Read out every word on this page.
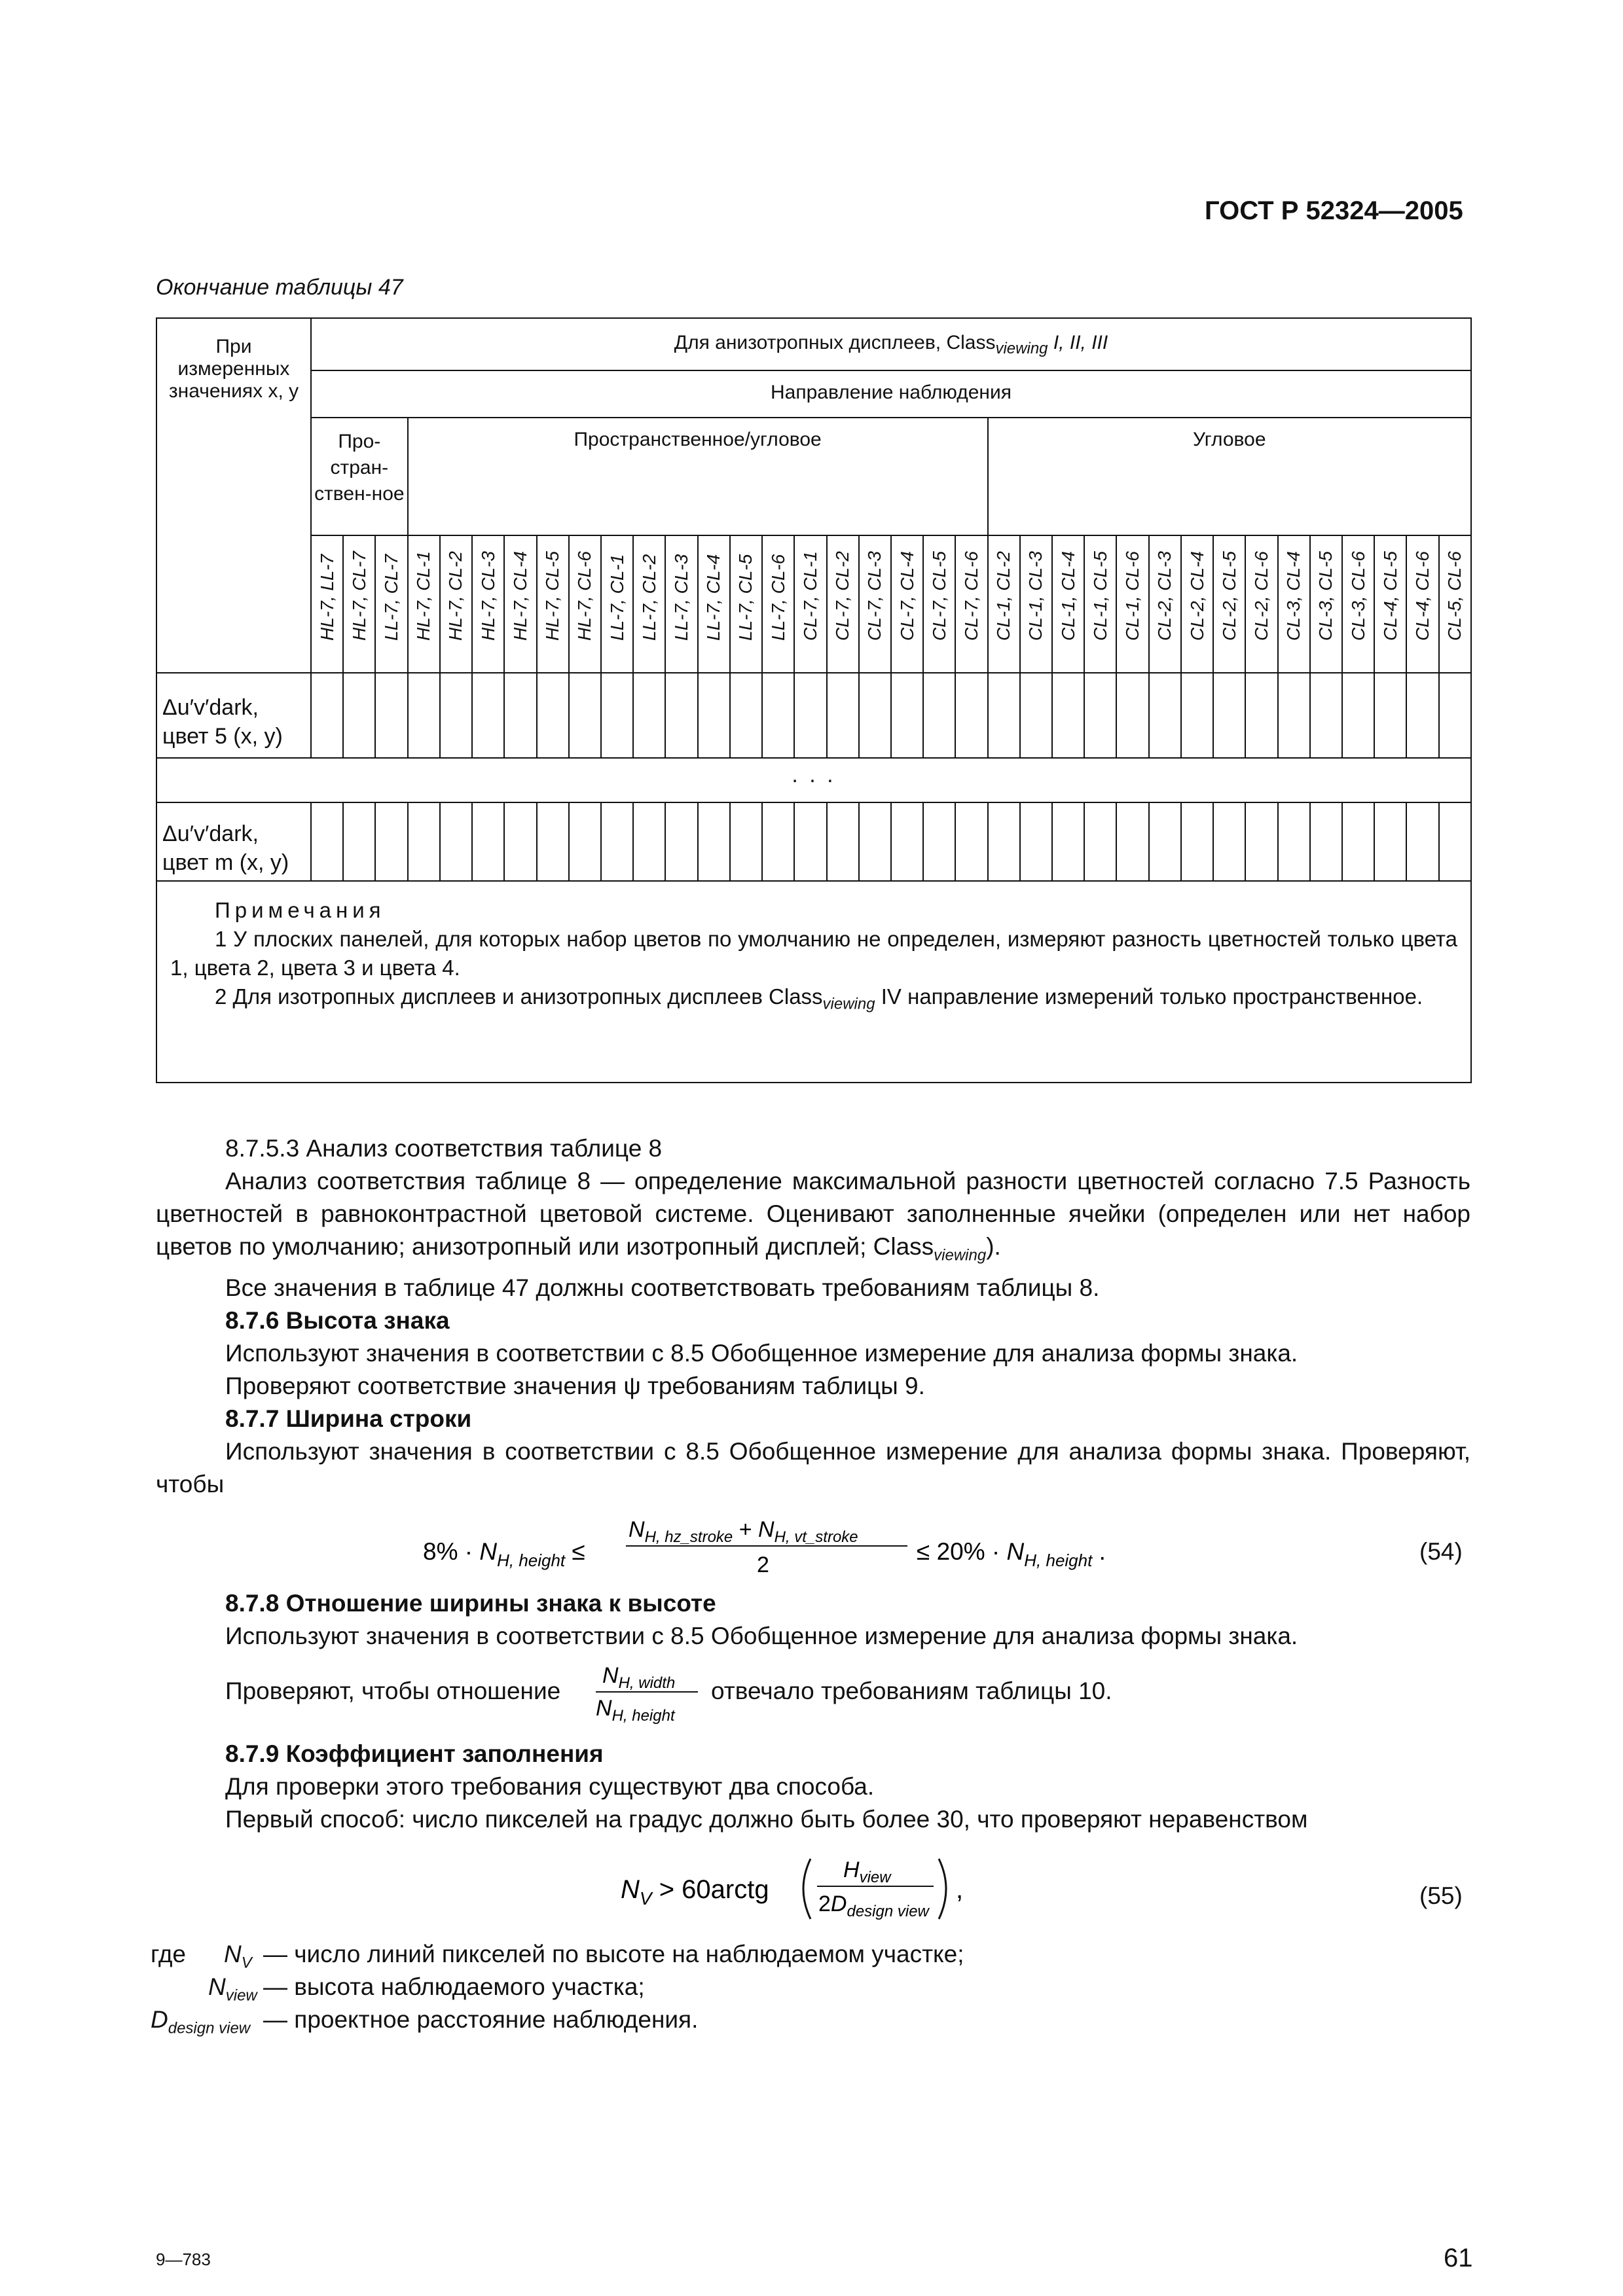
ГОСТ Р 52324—2005
Окончание таблицы 47
При измеренных значениях x, y	Для анизотропных дисплеев, Class$_{viewing}$ I, II, III																																			
	Направление наблюдения																																			
	Про-стран-ствен-ное			Пространственное/угловое																		Угловое														

	HL-7, LL-7	HL-7, CL-7	LL-7, CL-7	HL-7, CL-1	HL-7, CL-2	HL-7, CL-3	HL-7, CL-4	HL-7, CL-5	HL-7, CL-6	LL-7, CL-1	LL-7, CL-2	LL-7, CL-3	LL-7, CL-4	LL-7, CL-5	LL-7, CL-6	CL-7, CL-1	CL-7, CL-2	CL-7, CL-3	CL-7, CL-4	CL-7, CL-5	CL-7, CL-6	CL-1, CL-2	CL-1, CL-3	CL-1, CL-4	CL-1, CL-5	CL-1, CL-6	CL-2, CL-3	CL-2, CL-4	CL-2, CL-5	CL-2, CL-6	CL-3, CL-4	CL-3, CL-5	CL-3, CL-6	CL-4, CL-5	CL-4, CL-6	CL-5, CL-6

Δu′v′dark,
цвет 5 (x, y)																																				
. . .																																				
Δu′v′dark,
цвет m (x, y)																																				

Примечания
1 У плоских панелей, для которых набор цветов по умолчанию не определен, измеряют разность цветностей только цвета 1, цвета 2, цвета 3 и цвета 4.
2 Для изотропных дисплеев и анизотропных дисплеев Class$_{viewing}$ IV направление измерений только пространственное.																																				

8.7.5.3 Анализ соответствия таблице 8

Анализ соответствия таблице 8 — определение максимальной разности цветностей согласно 7.5 Разность цветностей в равноконтрастной цветовой системе. Оценивают заполненные ячейки (определен или нет набор цветов по умолчанию; анизотропный или изотропный дисплей; Class$_{viewing}$).

Все значения в таблице 47 должны соответствовать требованиям таблицы 8.

8.7.6 Высота знака

Используют значения в соответствии с 8.5 Обобщенное измерение для анализа формы знака.

Проверяют соответствие значения ψ требованиям таблицы 9.

8.7.7 Ширина строки

Используют значения в соответствии с 8.5 Обобщенное измерение для анализа формы знака. Проверяют, чтобы

$8\% \cdot N_{H, height}$ ≤
$N_{H, hz\_stroke} + N_{H, vt\_stroke}$
2	≤ $20\% \cdot N_{H, height}$ .	(54)

8.7.8 Отношение ширины знака к высоте

Используют значения в соответствии с 8.5 Обобщенное измерение для анализа формы знака.

Проверяют, чтобы отношение
$N_{H, width}$
$N_{H, height}$
отвечало требованиям таблицы 10.

8.7.9 Коэффициент заполнения

Для проверки этого требования существуют два способа.

Первый способ: число пикселей на градус должно быть более 30, что проверяют неравенством

$N_V$ > 60arctg
$H_{view}$
$2D_{design view}$
,	(55)
где $N_V$ — число линий пикселей по высоте на наблюдаемом участке;
$N_{view}$ — высота наблюдаемого участка;
$D_{design view}$ — проектное расстояние наблюдения.
9—783	61
